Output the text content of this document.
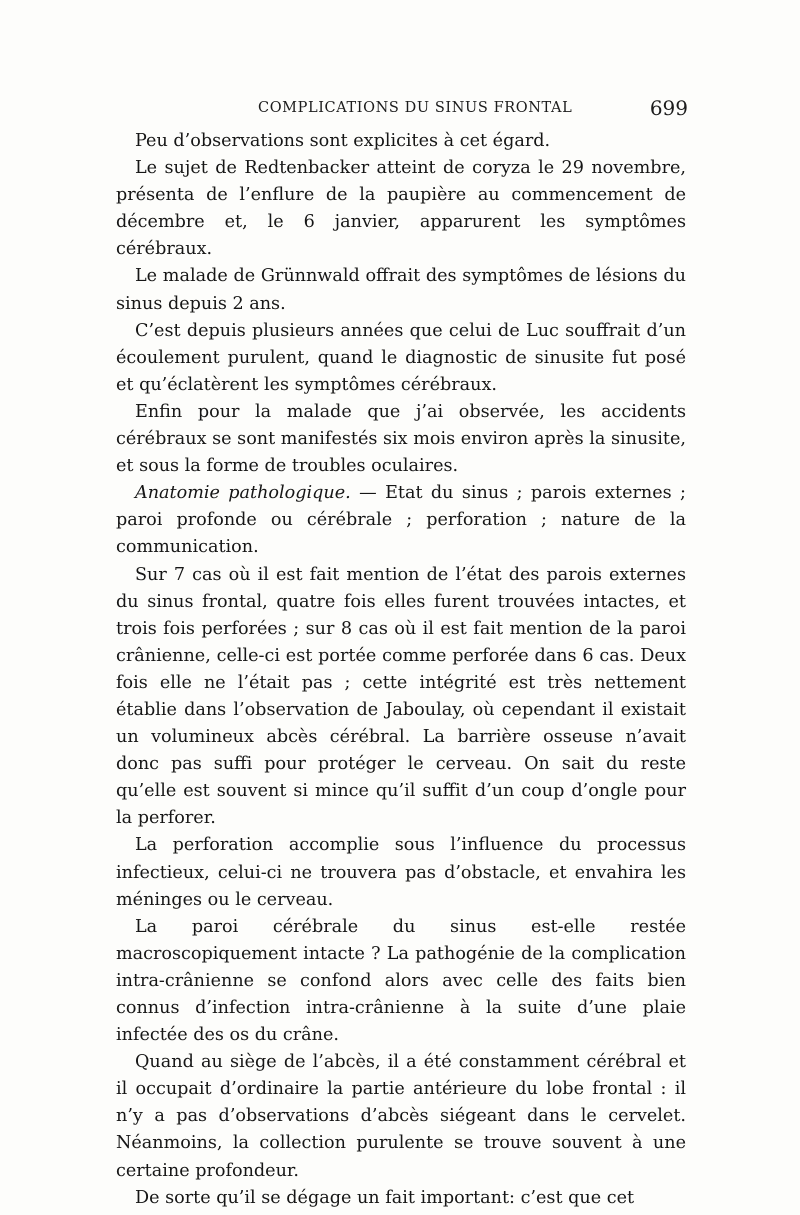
COMPLICATIONS DU SINUS FRONTAL	699

Peu d’observations sont explicites à cet égard.

Le sujet de Redtenbacker atteint de coryza le 29 novembre, présenta de l’enflure de la paupière au commencement de décembre et, le 6 janvier, apparurent les symptômes cérébraux.

Le malade de Grünnwald offrait des symptômes de lésions du sinus depuis 2 ans.

C’est depuis plusieurs années que celui de Luc souffrait d’un écoulement purulent, quand le diagnostic de sinusite fut posé et qu’éclatèrent les symptômes cérébraux.

Enfin pour la malade que j’ai observée, les accidents cérébraux se sont manifestés six mois environ après la sinusite, et sous la forme de troubles oculaires.

Anatomie pathologique. — Etat du sinus ; parois externes ; paroi profonde ou cérébrale ; perforation ; nature de la communication.

Sur 7 cas où il est fait mention de l’état des parois externes du sinus frontal, quatre fois elles furent trouvées intactes, et trois fois perforées ; sur 8 cas où il est fait mention de la paroi crânienne, celle-ci est portée comme perforée dans 6 cas. Deux fois elle ne l’était pas ; cette intégrité est très nettement établie dans l’observation de Jaboulay, où cependant il existait un volumineux abcès cérébral. La barrière osseuse n’avait donc pas suffi pour protéger le cerveau. On sait du reste qu’elle est souvent si mince qu’il suffit d’un coup d’ongle pour la perforer.

La perforation accomplie sous l’influence du processus infectieux, celui-ci ne trouvera pas d’obstacle, et envahira les méninges ou le cerveau.

La paroi cérébrale du sinus est-elle restée macroscopiquement intacte ? La pathogénie de la complication intra-crânienne se confond alors avec celle des faits bien connus d’infection intra-crânienne à la suite d’une plaie infectée des os du crâne.

Quand au siège de l’abcès, il a été constamment cérébral et il occupait d’ordinaire la partie antérieure du lobe frontal : il n’y a pas d’observations d’abcès siégeant dans le cervelet. Néanmoins, la collection purulente se trouve souvent à une certaine profondeur.

De sorte qu’il se dégage un fait important: c’est que cet
